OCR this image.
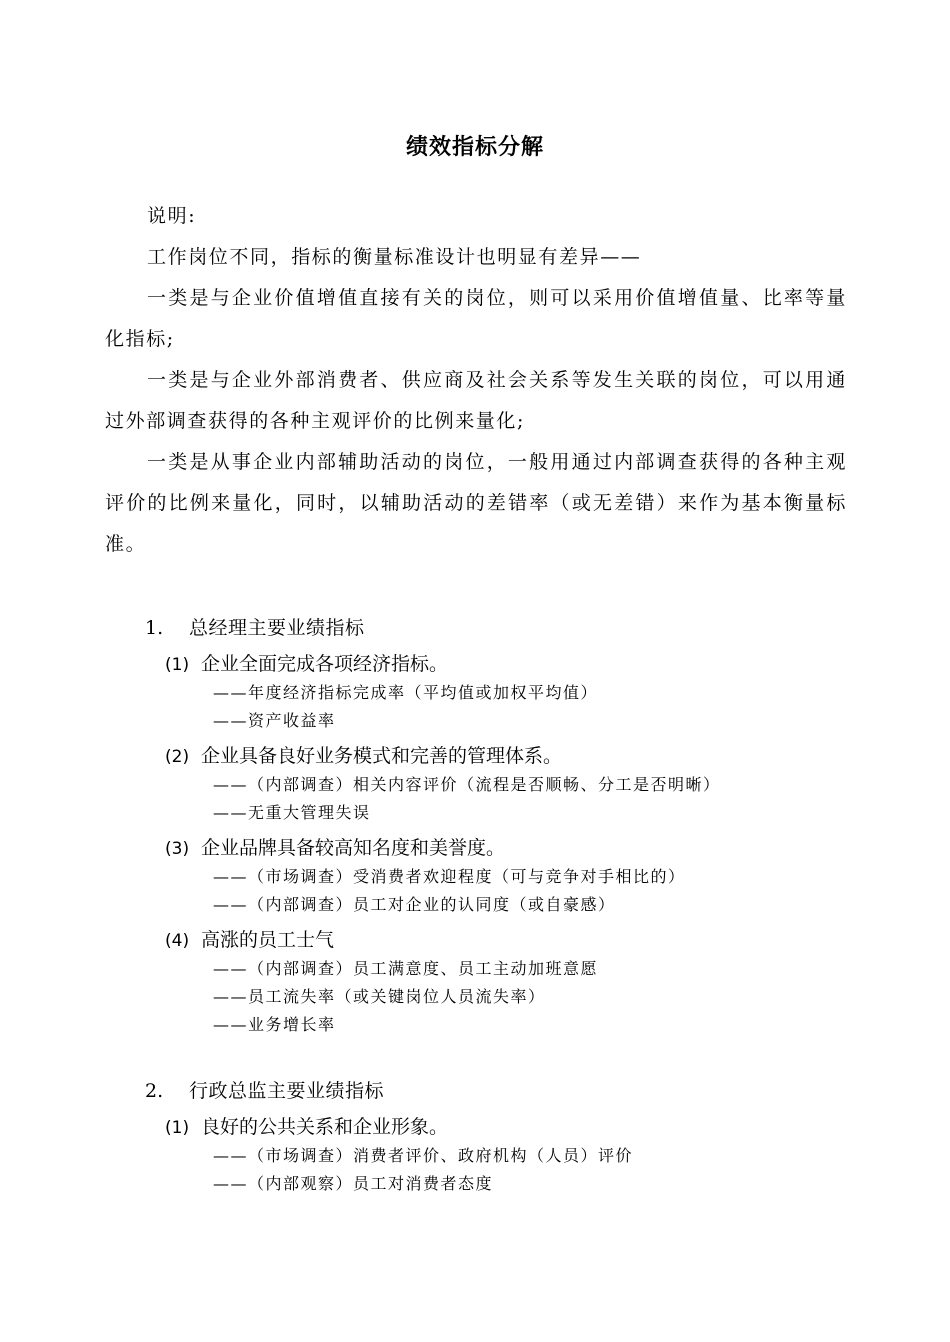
绩效指标分解

说明:

工作岗位不同，指标的衡量标准设计也明显有差异——

一类是与企业价值增值直接有关的岗位，则可以采用价值增值量、比率等量化指标;

一类是与企业外部消费者、供应商及社会关系等发生关联的岗位，可以用通过外部调查获得的各种主观评价的比例来量化;

一类是从事企业内部辅助活动的岗位，一般用通过内部调查获得的各种主观评价的比例来量化，同时，以辅助活动的差错率（或无差错）来作为基本衡量标准。

1.	总经理主要业绩指标
(1) 企业全面完成各项经济指标。
——年度经济指标完成率（平均值或加权平均值）
——资产收益率
(2) 企业具备良好业务模式和完善的管理体系。
——（内部调查）相关内容评价（流程是否顺畅、分工是否明晰）
——无重大管理失误
(3) 企业品牌具备较高知名度和美誉度。
——（市场调查）受消费者欢迎程度（可与竞争对手相比的）
——（内部调查）员工对企业的认同度（或自豪感）
(4) 高涨的员工士气
——（内部调查）员工满意度、员工主动加班意愿
——员工流失率（或关键岗位人员流失率）
——业务增长率
2.	行政总监主要业绩指标
(1) 良好的公共关系和企业形象。
——（市场调查）消费者评价、政府机构（人员）评价
——（内部观察）员工对消费者态度
